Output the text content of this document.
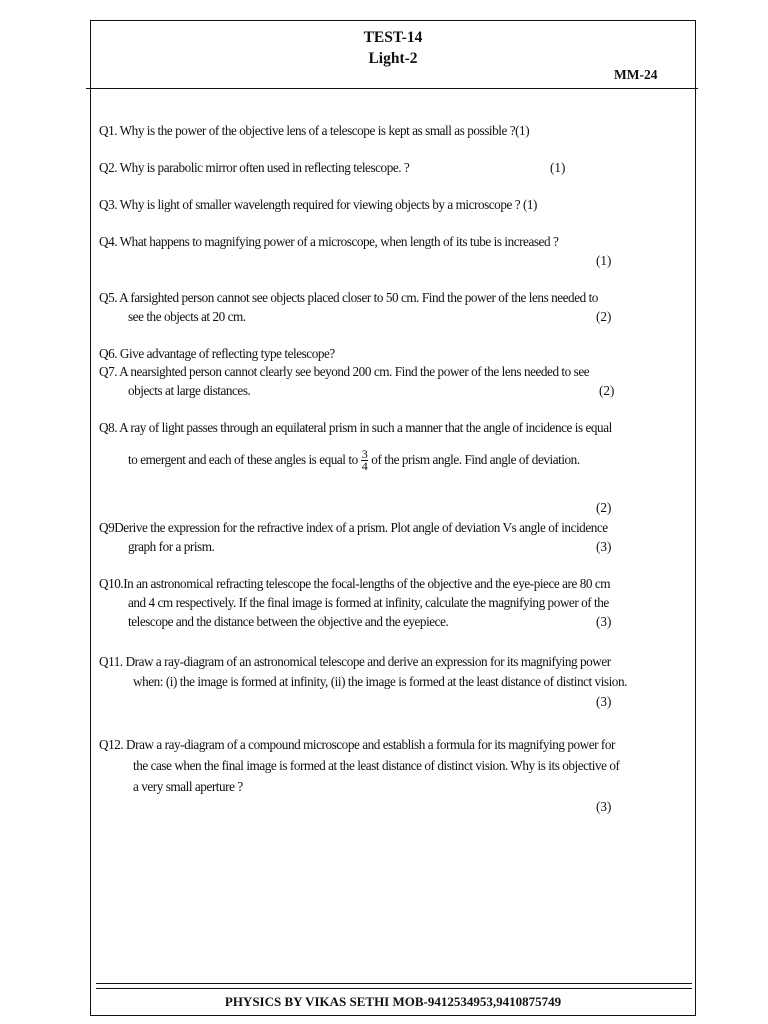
TEST-14
Light-2
MM-24
Q1. Why is the power of the objective lens of a telescope is kept as small as possible ?(1)
Q2. Why is parabolic mirror often used in reflecting telescope. ?	(1)
Q3. Why is light of smaller wavelength required for viewing objects by a microscope ? (1)
Q4. What happens to magnifying power of a microscope, when length of its tube is increased ?
(1)
Q5. A farsighted person cannot see objects placed closer to 50 cm. Find the power of the lens needed to
see the objects at 20 cm.	(2)
Q6. Give advantage of reflecting type telescope?
Q7. A nearsighted person cannot clearly see beyond 200 cm. Find the power of the lens needed to see
objects at large distances.	(2)
Q8. A ray of light passes through an equilateral prism in such a manner that the angle of incidence is equal
to emergent and each of these angles is equal to $\frac{3}{4}$ of the prism angle. Find angle of deviation.
(2)
Q9Derive the expression for the refractive index of a prism. Plot angle of deviation Vs angle of incidence
graph for a prism.	(3)
Q10.In an astronomical refracting telescope the focal-lengths of the objective and the eye-piece are 80 cm
and 4 cm respectively. If the final image is formed at infinity, calculate the magnifying power of the
telescope and the distance between the objective and the eyepiece.	(3)
Q11. Draw a ray-diagram of an astronomical telescope and derive an expression for its magnifying power
when: (i) the image is formed at infinity, (ii) the image is formed at the least distance of distinct vision.
(3)
Q12. Draw a ray-diagram of a compound microscope and establish a formula for its magnifying power for
the case when the final image is formed at the least distance of distinct vision. Why is its objective of
a very small aperture ?
(3)
PHYSICS BY VIKAS SETHI MOB-9412534953,9410875749
